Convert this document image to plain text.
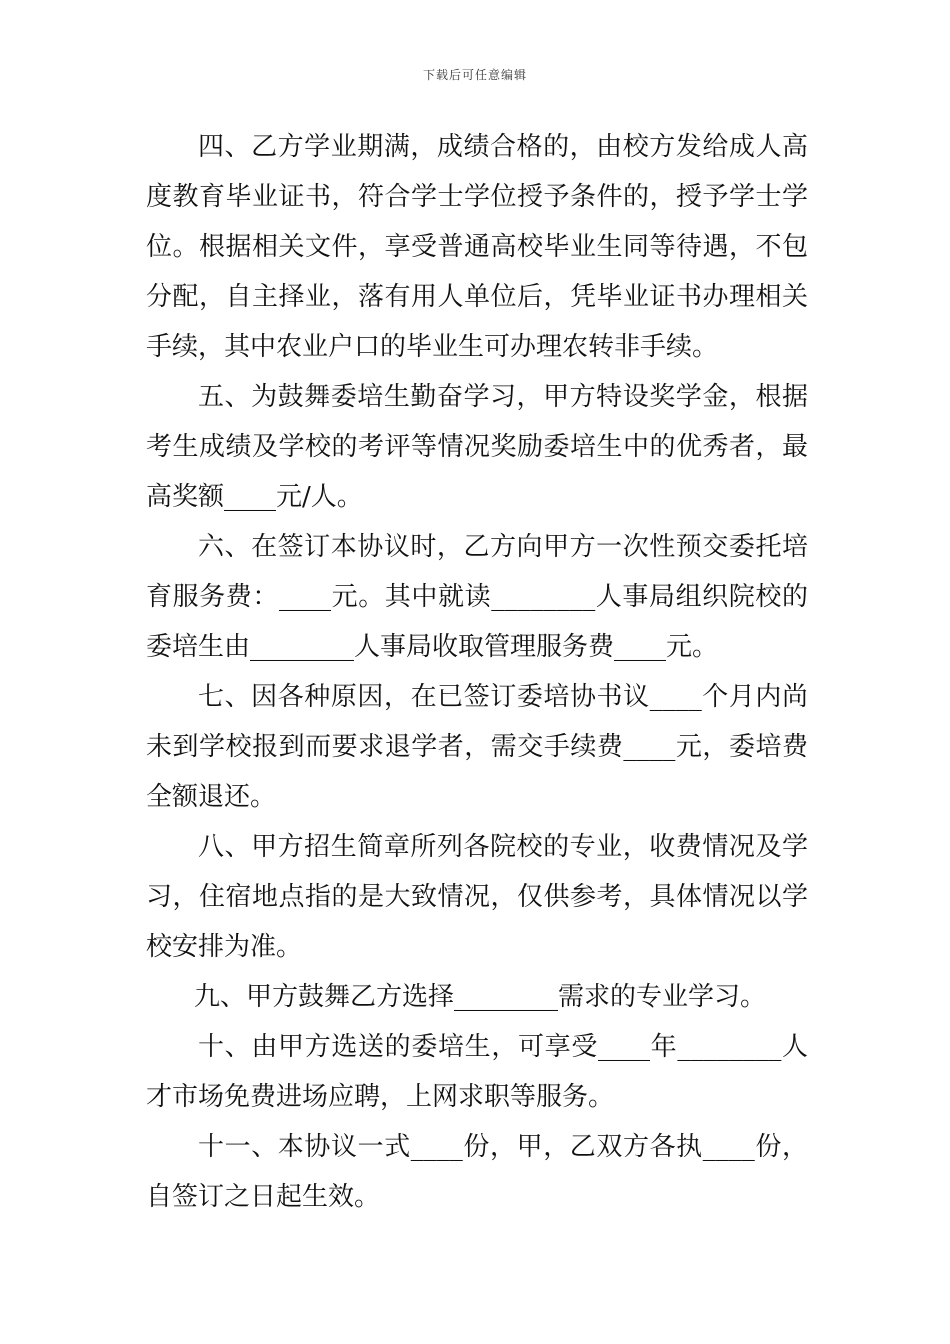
下载后可任意编辑

四、乙方学业期满，成绩合格的，由校方发给成人高度教育毕业证书，符合学士学位授予条件的，授予学士学位。根据相关文件，享受普通高校毕业生同等待遇，不包分配，自主择业，落有用人单位后，凭毕业证书办理相关手续，其中农业户口的毕业生可办理农转非手续。

五、为鼓舞委培生勤奋学习，甲方特设奖学金，根据考生成绩及学校的考评等情况奖励委培生中的优秀者，最高奖额____元/人。

六、在签订本协议时，乙方向甲方一次性预交委托培育服务费：____元。其中就读________人事局组织院校的委培生由________人事局收取管理服务费____元。

七、因各种原因，在已签订委培协书议____个月内尚未到学校报到而要求退学者，需交手续费____元，委培费全额退还。

八、甲方招生简章所列各院校的专业，收费情况及学习，住宿地点指的是大致情况，仅供参考，具体情况以学校安排为准。

九、甲方鼓舞乙方选择________需求的专业学习。

十、由甲方选送的委培生，可享受____年________人才市场免费进场应聘，上网求职等服务。

十一、本协议一式____份，甲，乙双方各执____份，自签订之日起生效。
